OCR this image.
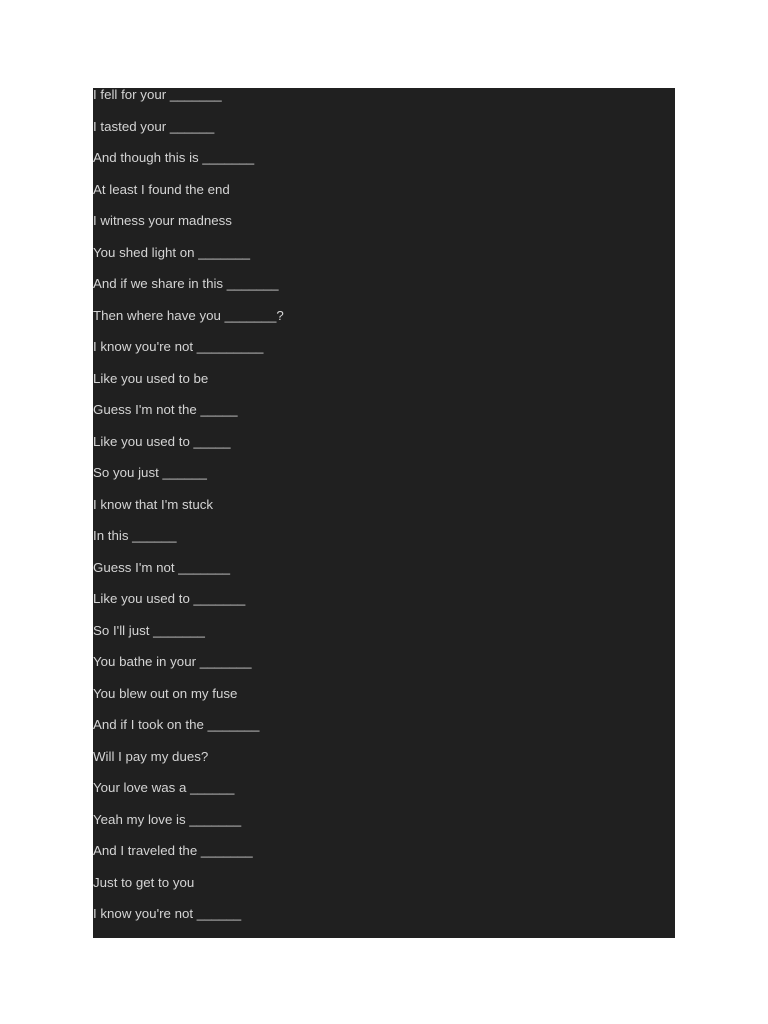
I fell for your _______
I tasted your ______
And though this is _______
At least I found the end
I witness your madness
You shed light on _______
And if we share in this _______
Then where have you _______?
I know you're not _________
Like you used to be
Guess I'm not the _____
Like you used to _____
So you just ______
I know that I'm stuck
In this ______
Guess I'm not _______
Like you used to _______
So I'll just _______
You bathe in your _______
You blew out on my fuse
And if I took on the _______
Will I pay my dues?
Your love was a ______
Yeah my love is _______
And I traveled the _______
Just to get to you
I know you're not ______
